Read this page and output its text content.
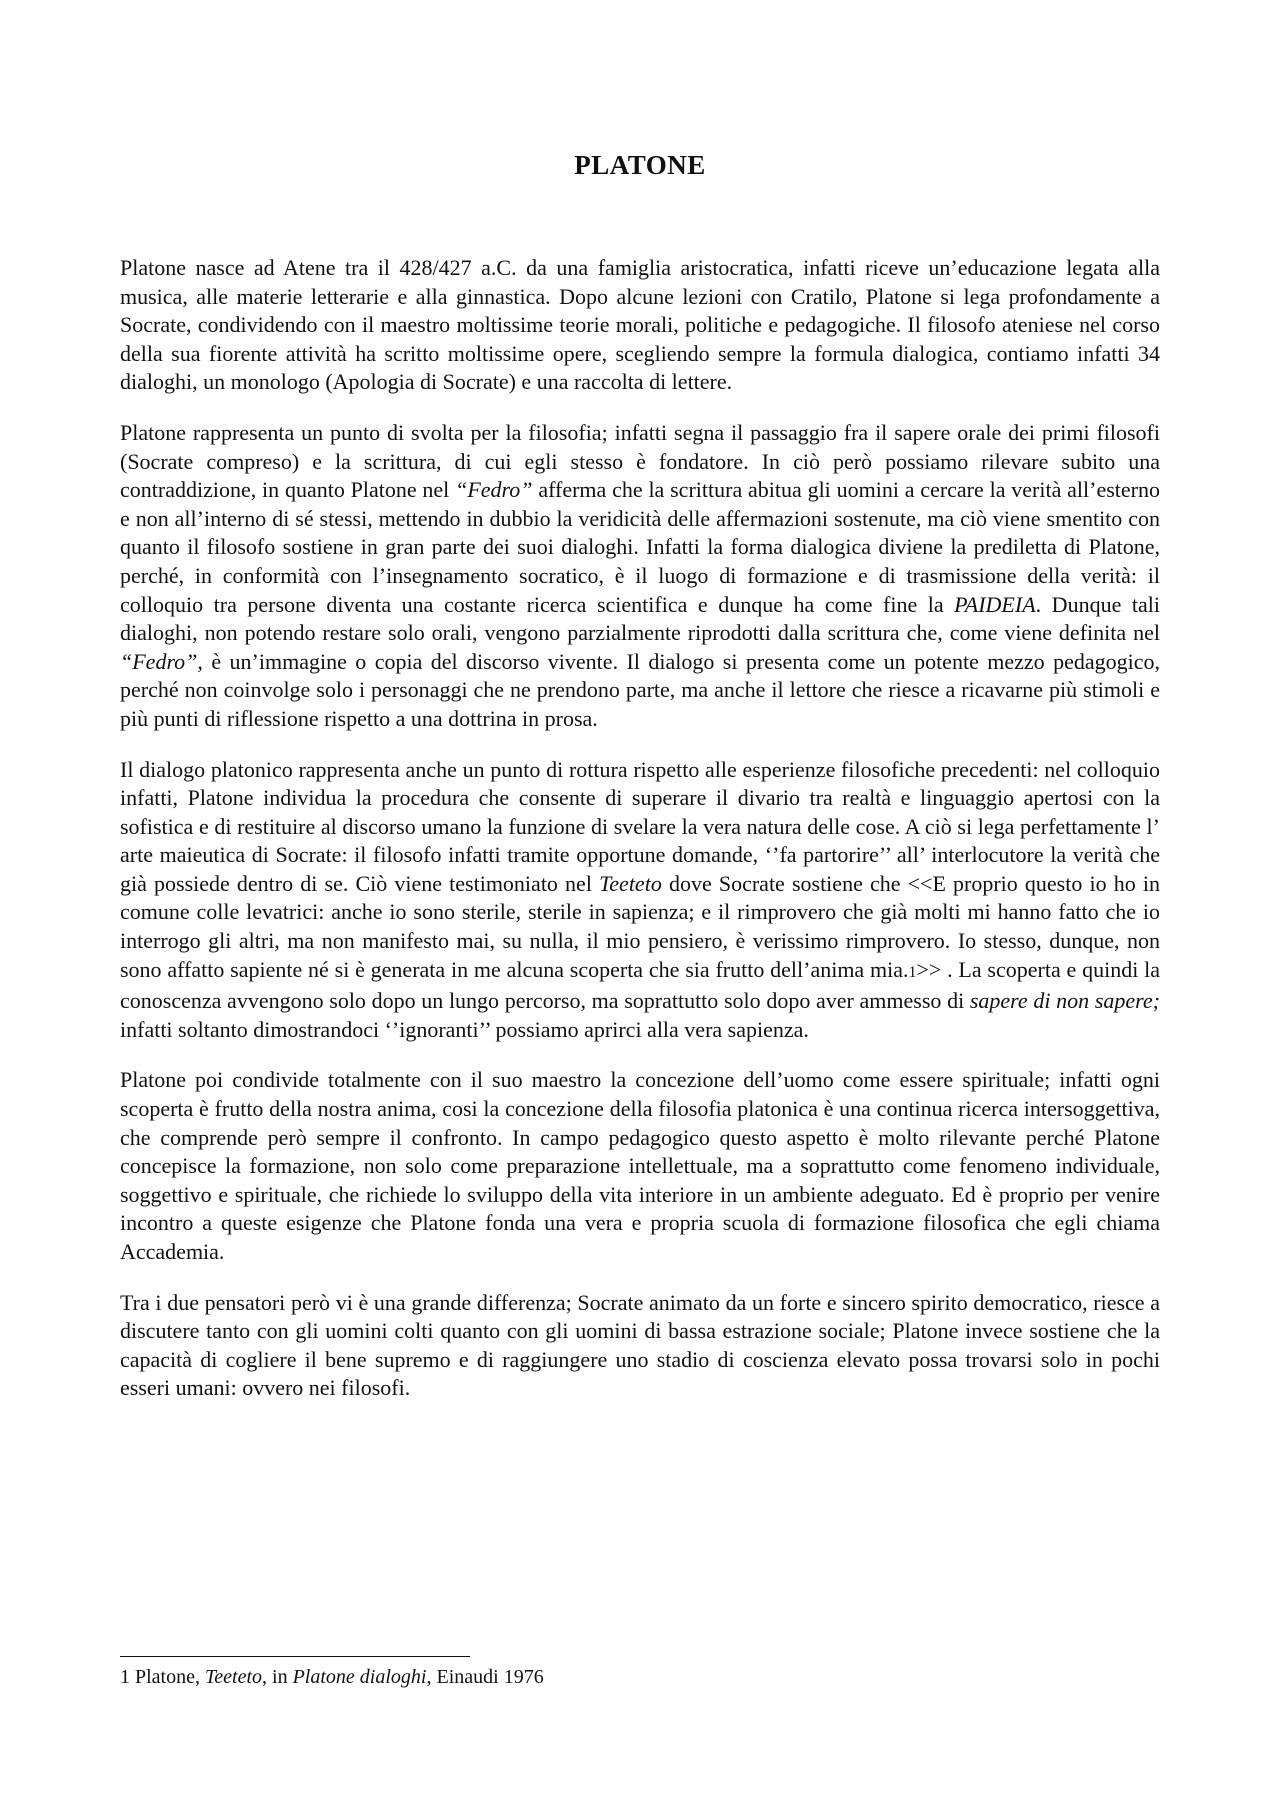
PLATONE

Platone nasce ad Atene tra il 428/427 a.C. da una famiglia aristocratica, infatti riceve un’educazione legata alla musica, alle materie letterarie e alla ginnastica. Dopo alcune lezioni con Cratilo, Platone si lega profondamente a Socrate, condividendo con il maestro moltissime teorie morali, politiche e pedagogiche. Il filosofo ateniese nel corso della sua fiorente attività ha scritto moltissime opere, scegliendo sempre la formula dialogica, contiamo infatti 34 dialoghi, un monologo (Apologia di Socrate) e una raccolta di lettere.

Platone rappresenta un punto di svolta per la filosofia; infatti segna il passaggio fra il sapere orale dei primi filosofi (Socrate compreso) e la scrittura, di cui egli stesso è fondatore. In ciò però possiamo rilevare subito una contraddizione, in quanto Platone nel “Fedro” afferma che la scrittura abitua gli uomini a cercare la verità all’esterno e non all’interno di sé stessi, mettendo in dubbio la veridicità delle affermazioni sostenute, ma ciò viene smentito con quanto il filosofo sostiene in gran parte dei suoi dialoghi. Infatti la forma dialogica diviene la prediletta di Platone, perché, in conformità con l’insegnamento socratico, è il luogo di formazione e di trasmissione della verità: il colloquio tra persone diventa una costante ricerca scientifica e dunque ha come fine la PAIDEIA. Dunque tali dialoghi, non potendo restare solo orali, vengono parzialmente riprodotti dalla scrittura che, come viene definita nel “Fedro”, è un’immagine o copia del discorso vivente. Il dialogo si presenta come un potente mezzo pedagogico, perché non coinvolge solo i personaggi che ne prendono parte, ma anche il lettore che riesce a ricavarne più stimoli e più punti di riflessione rispetto a una dottrina in prosa.

Il dialogo platonico rappresenta anche un punto di rottura rispetto alle esperienze filosofiche precedenti: nel colloquio infatti, Platone individua la procedura che consente di superare il divario tra realtà e linguaggio apertosi con la sofistica e di restituire al discorso umano la funzione di svelare la vera natura delle cose. A ciò si lega perfettamente l’ arte maieutica di Socrate: il filosofo infatti tramite opportune domande, ‘’fa partorire’’ all’ interlocutore la verità che già possiede dentro di se. Ciò viene testimoniato nel Teeteto dove Socrate sostiene che <<E proprio questo io ho in comune colle levatrici: anche io sono sterile, sterile in sapienza; e il rimprovero che già molti mi hanno fatto che io interrogo gli altri, ma non manifesto mai, su nulla, il mio pensiero, è verissimo rimprovero. Io stesso, dunque, non sono affatto sapiente né si è generata in me alcuna scoperta che sia frutto dell’anima mia.1>> . La scoperta e quindi la conoscenza avvengono solo dopo un lungo percorso, ma soprattutto solo dopo aver ammesso di sapere di non sapere; infatti soltanto dimostrandoci ‘’ignoranti’’ possiamo aprirci alla vera sapienza.

Platone poi condivide totalmente con il suo maestro la concezione dell’uomo come essere spirituale; infatti ogni scoperta è frutto della nostra anima, cosi la concezione della filosofia platonica è una continua ricerca intersoggettiva, che comprende però sempre il confronto. In campo pedagogico questo aspetto è molto rilevante perché Platone concepisce la formazione, non solo come preparazione intellettuale, ma a soprattutto come fenomeno individuale, soggettivo e spirituale, che richiede lo sviluppo della vita interiore in un ambiente adeguato. Ed è proprio per venire incontro a queste esigenze che Platone fonda una vera e propria scuola di formazione filosofica che egli chiama Accademia.

Tra i due pensatori però vi è una grande differenza; Socrate animato da un forte e sincero spirito democratico, riesce a discutere tanto con gli uomini colti quanto con gli uomini di bassa estrazione sociale; Platone invece sostiene che la capacità di cogliere il bene supremo e di raggiungere uno stadio di coscienza elevato possa trovarsi solo in pochi esseri umani: ovvero nei filosofi.

1 Platone, Teeteto, in Platone dialoghi, Einaudi 1976
